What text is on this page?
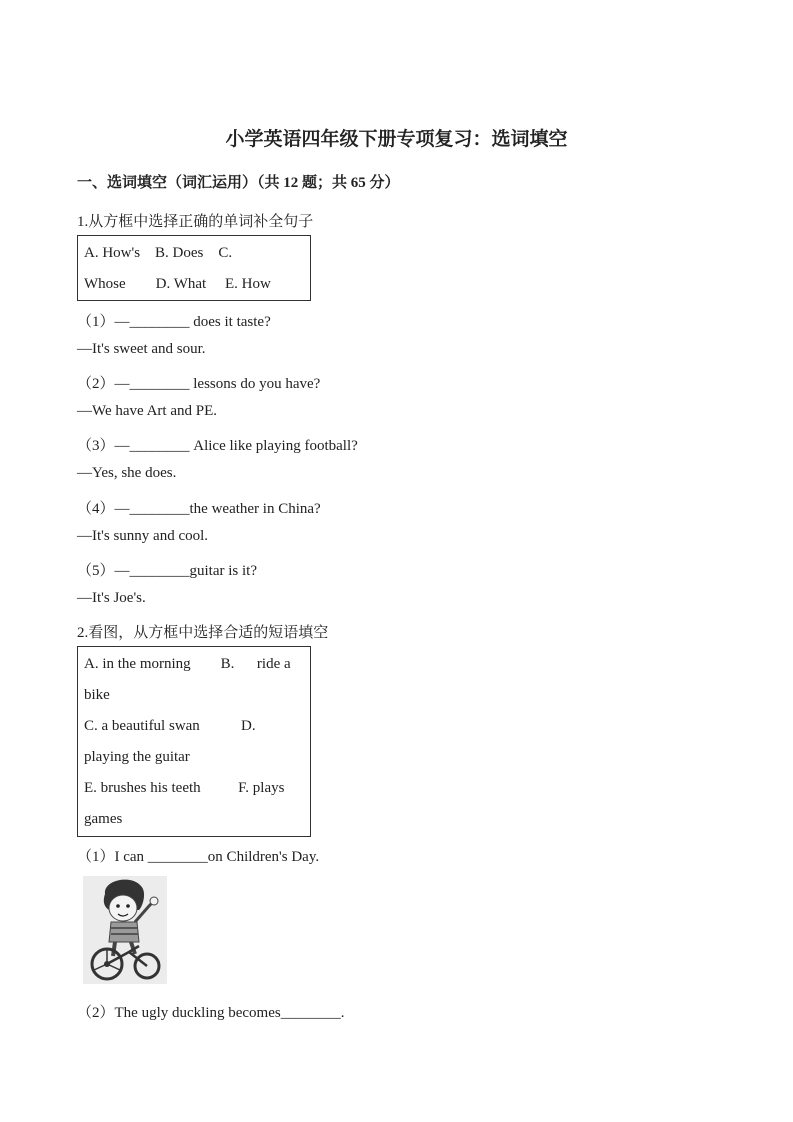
小学英语四年级下册专项复习：选词填空
一、选词填空（词汇运用）（共 12 题；共 65 分）
1.从方框中选择正确的单词补全句子
A. How's    B. Does    C.
Whose        D. What     E. How
（1）—________ does it taste?
—It's sweet and sour.
（2）—________ lessons do you have?
—We have Art and PE.
（3）—________ Alice like playing football?
—Yes, she does.
（4）—________the weather in China?
—It's sunny and cool.
（5）—________guitar is it?
—It's Joe's.
2.看图，从方框中选择合适的短语填空
A. in the morning        B.      ride a
bike
C. a beautiful swan           D.
playing the guitar
E. brushes his teeth          F. plays
games
（1）I can ________on Children's Day.
（2）The ugly duckling becomes________.
